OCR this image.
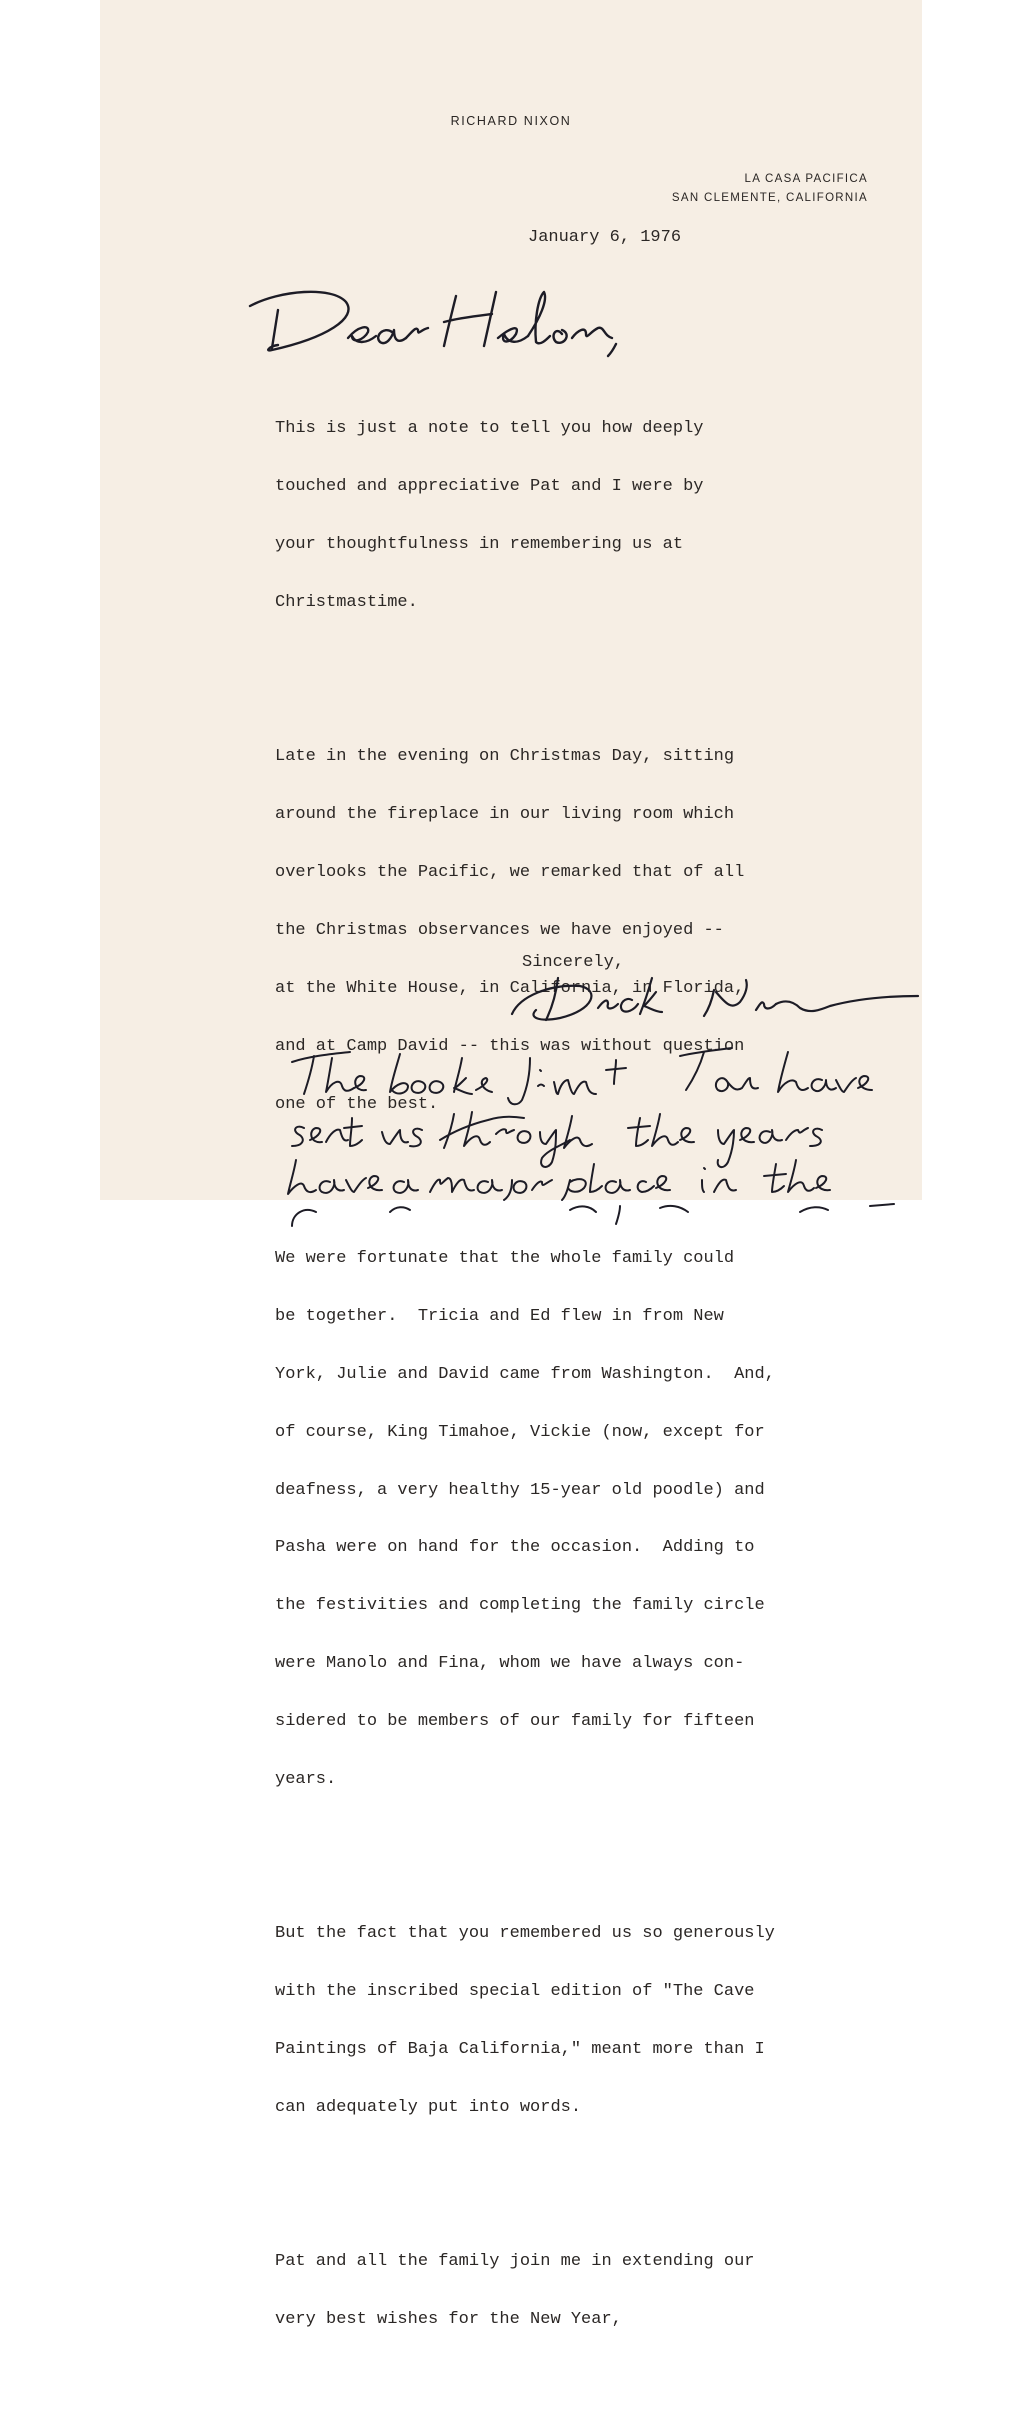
RICHARD NIXON
LA CASA PACIFICA
SAN CLEMENTE, CALIFORNIA
January 6, 1976

This is just a note to tell you how deeply

touched and appreciative Pat and I were by

your thoughtfulness in remembering us at

Christmastime.

Late in the evening on Christmas Day, sitting

around the fireplace in our living room which

overlooks the Pacific, we remarked that of all

the Christmas observances we have enjoyed --

at the White House, in California, in Florida,

and at Camp David -- this was without question

one of the best.

We were fortunate that the whole family could

be together.  Tricia and Ed flew in from New

York, Julie and David came from Washington.  And,

of course, King Timahoe, Vickie (now, except for

deafness, a very healthy 15-year old poodle) and

Pasha were on hand for the occasion.  Adding to

the festivities and completing the family circle

were Manolo and Fina, whom we have always con-

sidered to be members of our family for fifteen

years.

But the fact that you remembered us so generously

with the inscribed special edition of "The Cave

Paintings of Baja California," meant more than I

can adequately put into words.

Pat and all the family join me in extending our

very best wishes for the New Year,

Sincerely,
